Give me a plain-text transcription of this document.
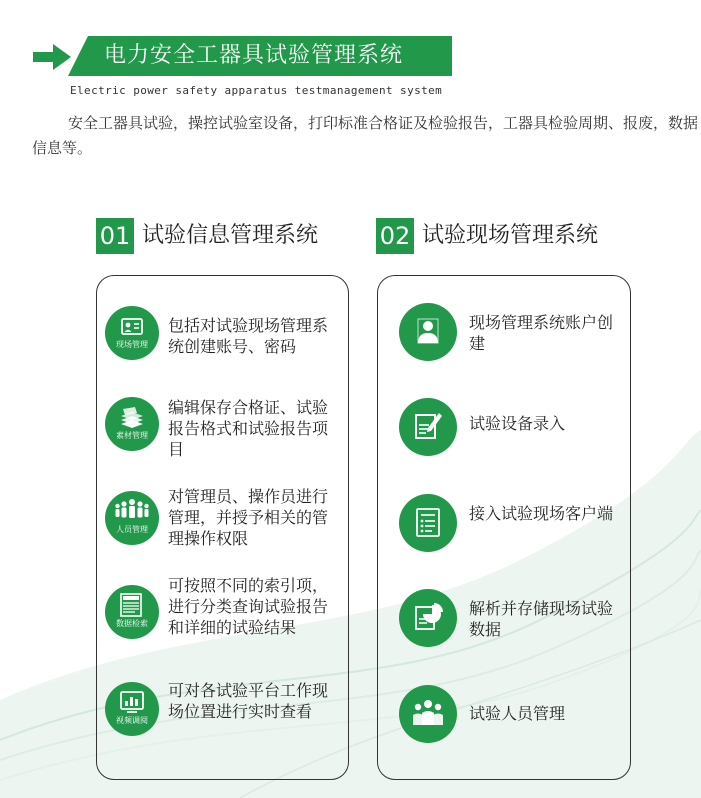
电力安全工器具试验管理系统
Electric power safety apparatus testmanagement system
安全工器具试验，操控试验室设备，打印标准合格证及检验报告，工器具检验周期、报废，数据信息等。
01 试验信息管理系统	02 试验现场管理系统
现场管理
包括对试验现场管理系统创建账号、密码
素材管理
编辑保存合格证、试验报告格式和试验报告项目
人员管理
对管理员、操作员进行管理，并授予相关的管理操作权限
数据检索
可按照不同的索引项，进行分类查询试验报告和详细的试验结果
视频调阅
可对各试验平台工作现场位置进行实时查看
现场管理系统账户创建
试验设备录入
接入试验现场客户端
解析并存储现场试验数据
试验人员管理
